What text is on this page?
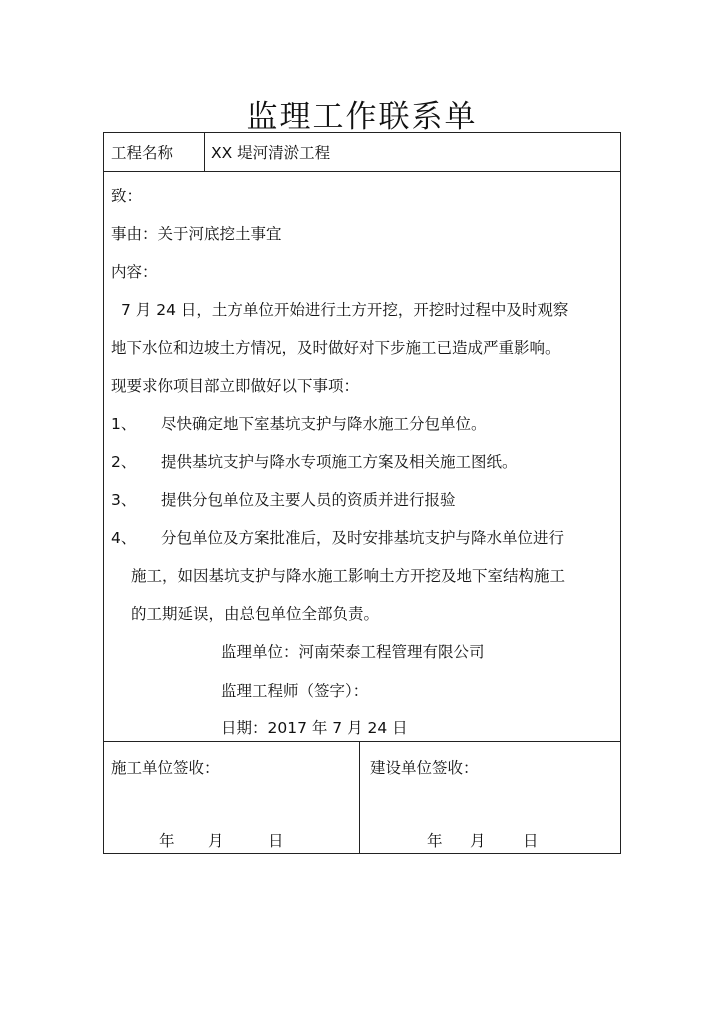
监理工作联系单
工程名称 XX 堤河清淤工程
致：
事由：关于河底挖土事宜
内容：
7 月 24 日，土方单位开始进行土方开挖，开挖时过程中及时观察
地下水位和边坡土方情况，及时做好对下步施工已造成严重影响。
现要求你项目部立即做好以下事项：
1、 尽快确定地下室基坑支护与降水施工分包单位。
2、 提供基坑支护与降水专项施工方案及相关施工图纸。
3、 提供分包单位及主要人员的资质并进行报验
4、 分包单位及方案批准后，及时安排基坑支护与降水单位进行
施工，如因基坑支护与降水施工影响土方开挖及地下室结构施工
的工期延误，由总包单位全部负责。
监理单位：河南荣泰工程管理有限公司
监理工程师（签字）：
日期：2017 年 7 月 24 日
施工单位签收：
年 月	日
建设单位签收：
年 月 日
